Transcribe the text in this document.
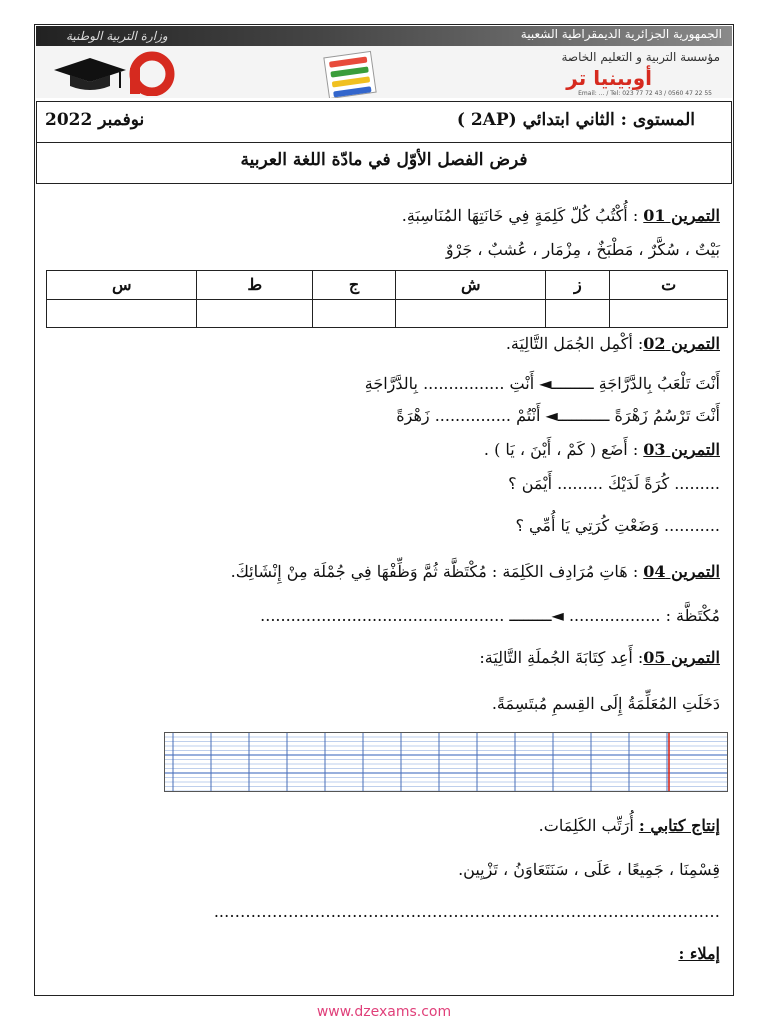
الجمهورية الجزائرية الديمقراطية الشعبية
وزارة التربية الوطنية
مؤسسة التربية و التعليم الخاصة
أوبينيا تر
Email: ... / Tel: 023 77 72 43 / 0560 47 22 55
المستوى : الثاني ابتدائي (2AP )
نوفمبر 2022
فرض الفصل الأوّل في مادّة اللغة العربية
التمرين 01 : أُكْتُبُ كُلّ كَلِمَةٍ فِي خَانَتِهَا المُنَاسِبَةِ.
بَيْتٌ ، سُكَّرٌ ، مَطْبَخٌ ، مِزْمَار ، عُشبٌ ، جَرْوٌ
ت	ز	ش	ج	ط	س

التمرين 02: أكْمِل الجُمَل التَّالِيَة.
أَنْتَ تَلْعَبُ بِالدَّرَّاجَةِ ـــــــــ◄ أَنْتِ ................ بِالدَّرَّاجَةِ
أَنْتَ تَرْسُمُ زَهْرَةً ـــــــــــ◄ أَنْتُمْ ............... زَهْرَةً
التمرين 03 : أَضَع ( كَمْ ، أَيْنَ ، يَا ) .
......... كُرَةً لَدَيْكَ ......... أَيْمَن ؟
........... وَضَعْتِ كُرَتِي يَا أُمِّي ؟
التمرين 04 : هَاتِ مُرَادِف الكَلِمَة : مُكْتَظَّة ثُمَّ وَظِّفْهَا فِي جُمْلَة مِنْ إِنْشَائِكَ.
مُكْتَظَّة : .................. ◄ـــــــــ ................................................
التمرين 05: أَعِد كِتَابَةَ الجُملَةِ التَّالِيَة:
دَخَلَتِ المُعَلِّمَةُ إِلَى القِسمِ مُبتَسِمَةً.
إنتاج كتابي : أُرَتِّب الكَلِمَات.
قِسْمِنَا ، جَمِيعًا ، عَلَى ، سَنَتَعَاوَنُ ، تَزْيِين.
…………………………………………………………………………………..
إملاء :
www.dzexams.com
